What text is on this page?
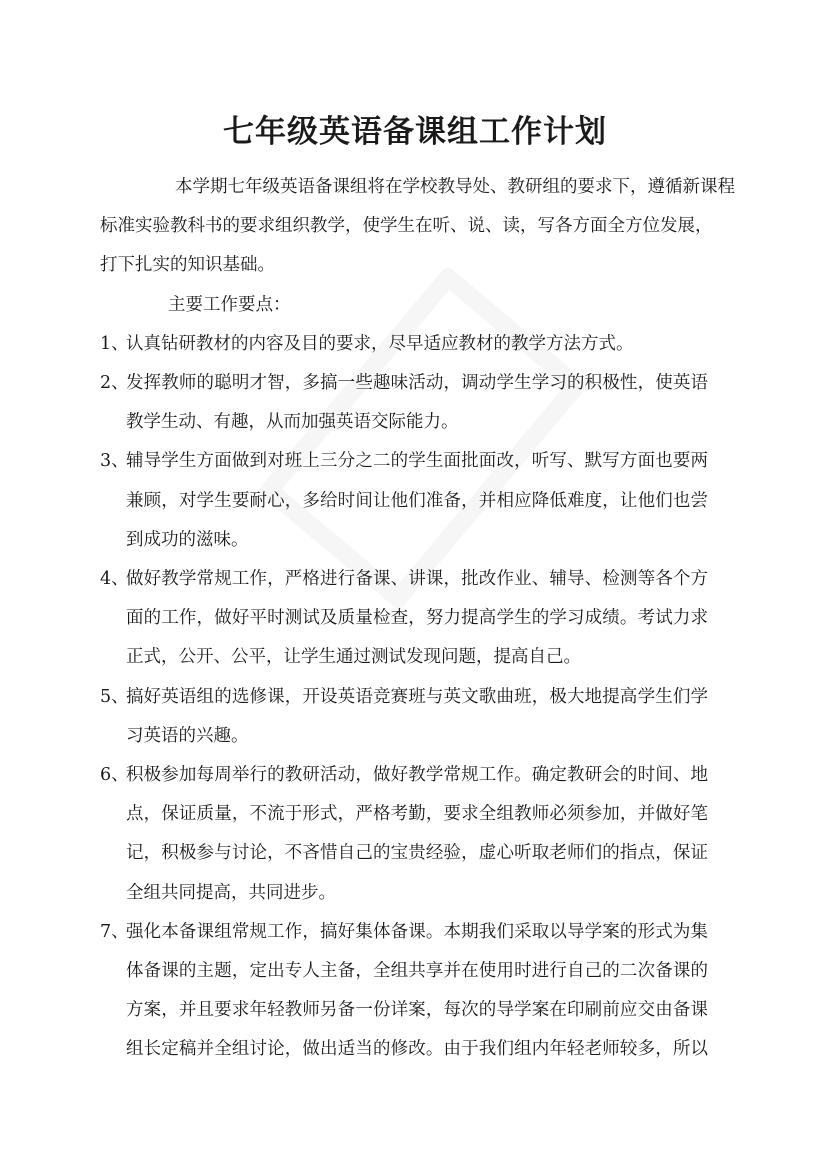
七年级英语备课组工作计划
本学期七年级英语备课组将在学校教导处、教研组的要求下，遵循新课程
标准实验教科书的要求组织教学，使学生在听、说、读，写各方面全方位发展，
打下扎实的知识基础。
主要工作要点：
1、
认真钻研教材的内容及目的要求，尽早适应教材的教学方法方式。
2、
发挥教师的聪明才智，多搞一些趣味活动，调动学生学习的积极性，使英语
教学生动、有趣，从而加强英语交际能力。
3、
辅导学生方面做到对班上三分之二的学生面批面改，听写、默写方面也要两
兼顾，对学生要耐心，多给时间让他们准备，并相应降低难度，让他们也尝
到成功的滋味。
4、
做好教学常规工作，严格进行备课、讲课，批改作业、辅导、检测等各个方
面的工作，做好平时测试及质量检查，努力提高学生的学习成绩。考试力求
正式，公开、公平，让学生通过测试发现问题，提高自己。
5、
搞好英语组的选修课，开设英语竞赛班与英文歌曲班，极大地提高学生们学
习英语的兴趣。
6、
积极参加每周举行的教研活动，做好教学常规工作。确定教研会的时间、地
点，保证质量，不流于形式，严格考勤，要求全组教师必须参加，并做好笔
记，积极参与讨论，不吝惜自己的宝贵经验，虚心听取老师们的指点，保证
全组共同提高，共同进步。
7、
强化本备课组常规工作，搞好集体备课。本期我们采取以导学案的形式为集
体备课的主题，定出专人主备，全组共享并在使用时进行自己的二次备课的
方案，并且要求年轻教师另备一份详案，每次的导学案在印刷前应交由备课
组长定稿并全组讨论，做出适当的修改。由于我们组内年轻老师较多，所以
